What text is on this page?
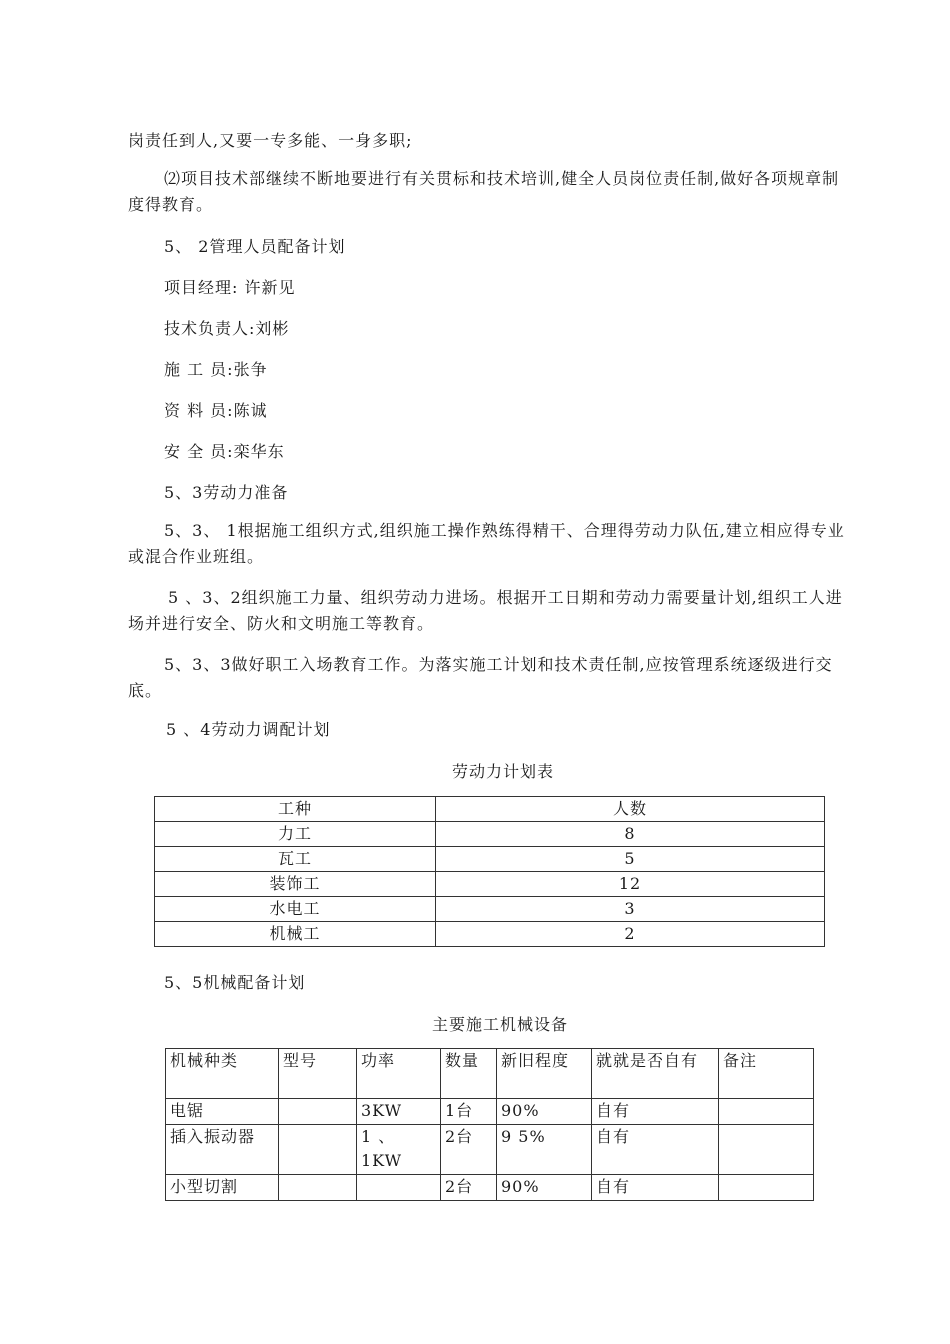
岗责任到人,又要一专多能、一身多职;

⑵项目技术部继续不断地要进行有关贯标和技术培训,健全人员岗位责任制,做好各项规章制度得教育。

5、 2管理人员配备计划

项目经理: 许新见

技术负责人:刘彬

施 工 员:张争

资 料 员:陈诚

安 全 员:栾华东

5、3劳动力准备

5、3、 1根据施工组织方式,组织施工操作熟练得精干、合理得劳动力队伍,建立相应得专业或混合作业班组。

5 、3、2组织施工力量、组织劳动力进场。根据开工日期和劳动力需要量计划,组织工人进场并进行安全、防火和文明施工等教育。

5、3、3做好职工入场教育工作。为落实施工计划和技术责任制,应按管理系统逐级进行交底。

5 、4劳动力调配计划

劳动力计划表

工种	人数
力工	8
瓦工	5
装饰工	12
水电工	3
机械工	2

5、5机械配备计划

主要施工机械设备

机械种类	型号	功率	数量	新旧程度	就就是否自有	备注
电锯		3KW	1台	90%	自有	
插入振动器		1 、 1KW	2台	9 5%	自有	
小型切割			2台	90%	自有	
